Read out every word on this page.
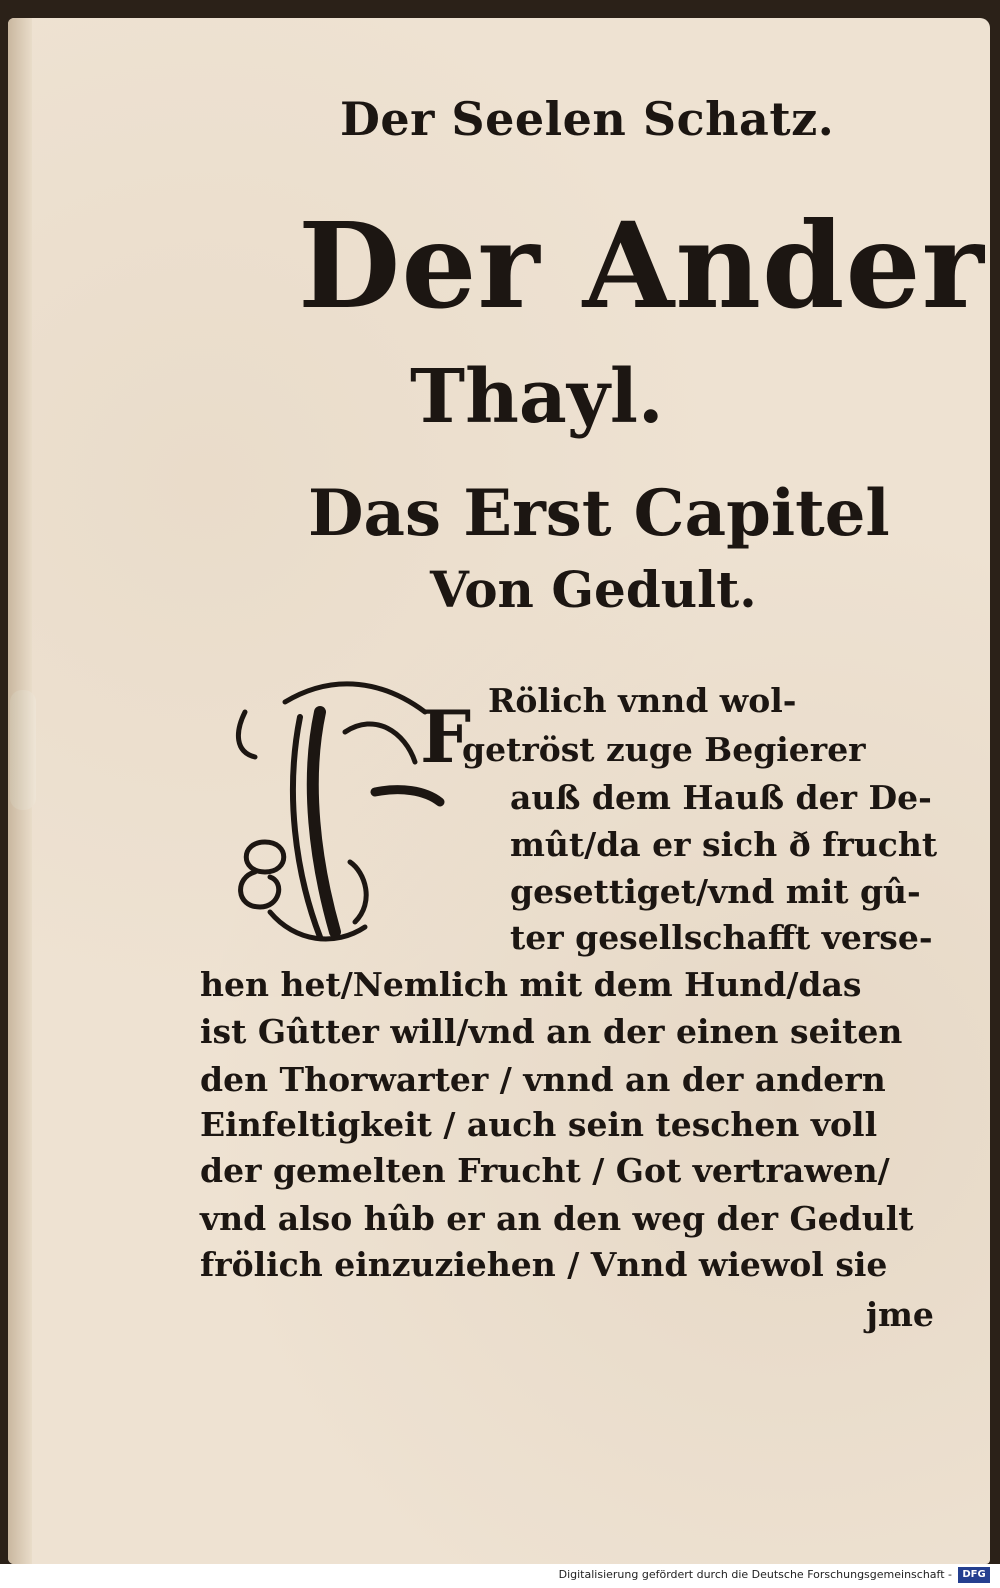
Der Seelen Schatz.
Der Ander
Thayl.
Das Erst Capitel
Von Gedult.
F Rölich vnnd wol-
getröst zuge Begierer
auß dem Hauß der De-
mût/da er sich ð frucht
gesettiget/vnd mit gû-
ter gesellschafft verse-
hen het/Nemlich mit dem Hund/das
ist Gûtter will/vnd an der einen seiten
den Thorwarter / vnnd an der andern
Einfeltigkeit / auch sein teschen voll
der gemelten Frucht / Got vertrawen/
vnd also hûb er an den weg der Gedult
frölich einzuziehen / Vnnd wiewol sie
jme
Digitalisierung gefördert durch die Deutsche Forschungsgemeinschaft -	DFG
